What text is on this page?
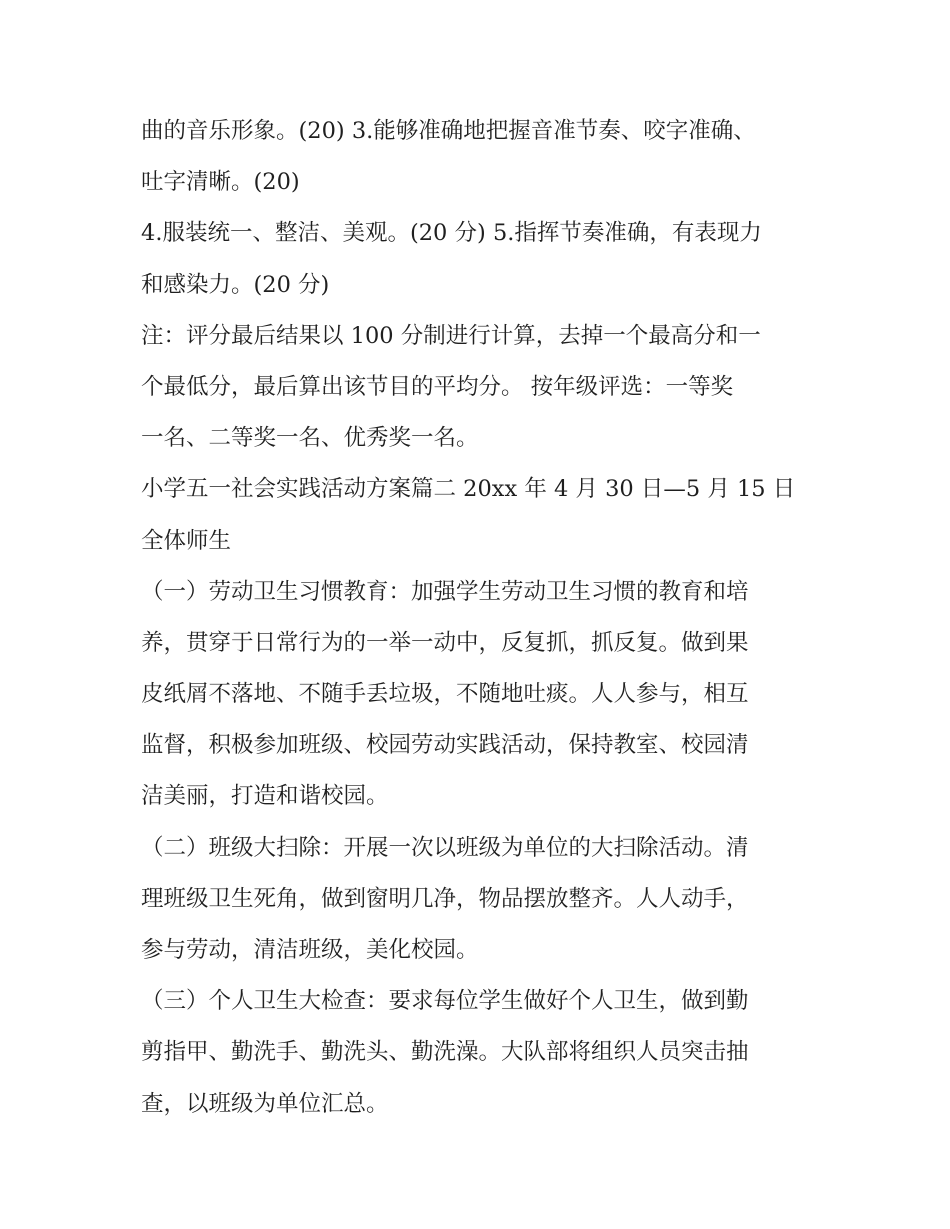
曲的音乐形象。(20) 3.能够准确地把握音准节奏、咬字准确、
吐字清晰。(20)
4.服装统一、整洁、美观。(20 分) 5.指挥节奏准确，有表现力
和感染力。(20 分)
注：评分最后结果以 100 分制进行计算，去掉一个最高分和一
个最低分，最后算出该节目的平均分。 按年级评选：一等奖
一名、二等奖一名、优秀奖一名。
小学五一社会实践活动方案篇二 20xx 年 4 月 30 日—5 月 15 日
全体师生
（一）劳动卫生习惯教育：加强学生劳动卫生习惯的教育和培
养，贯穿于日常行为的一举一动中，反复抓，抓反复。做到果
皮纸屑不落地、不随手丢垃圾，不随地吐痰。人人参与，相互
监督，积极参加班级、校园劳动实践活动，保持教室、校园清
洁美丽，打造和谐校园。
（二）班级大扫除：开展一次以班级为单位的大扫除活动。清
理班级卫生死角，做到窗明几净，物品摆放整齐。人人动手，
参与劳动，清洁班级，美化校园。
（三）个人卫生大检查：要求每位学生做好个人卫生，做到勤
剪指甲、勤洗手、勤洗头、勤洗澡。大队部将组织人员突击抽
查，以班级为单位汇总。
